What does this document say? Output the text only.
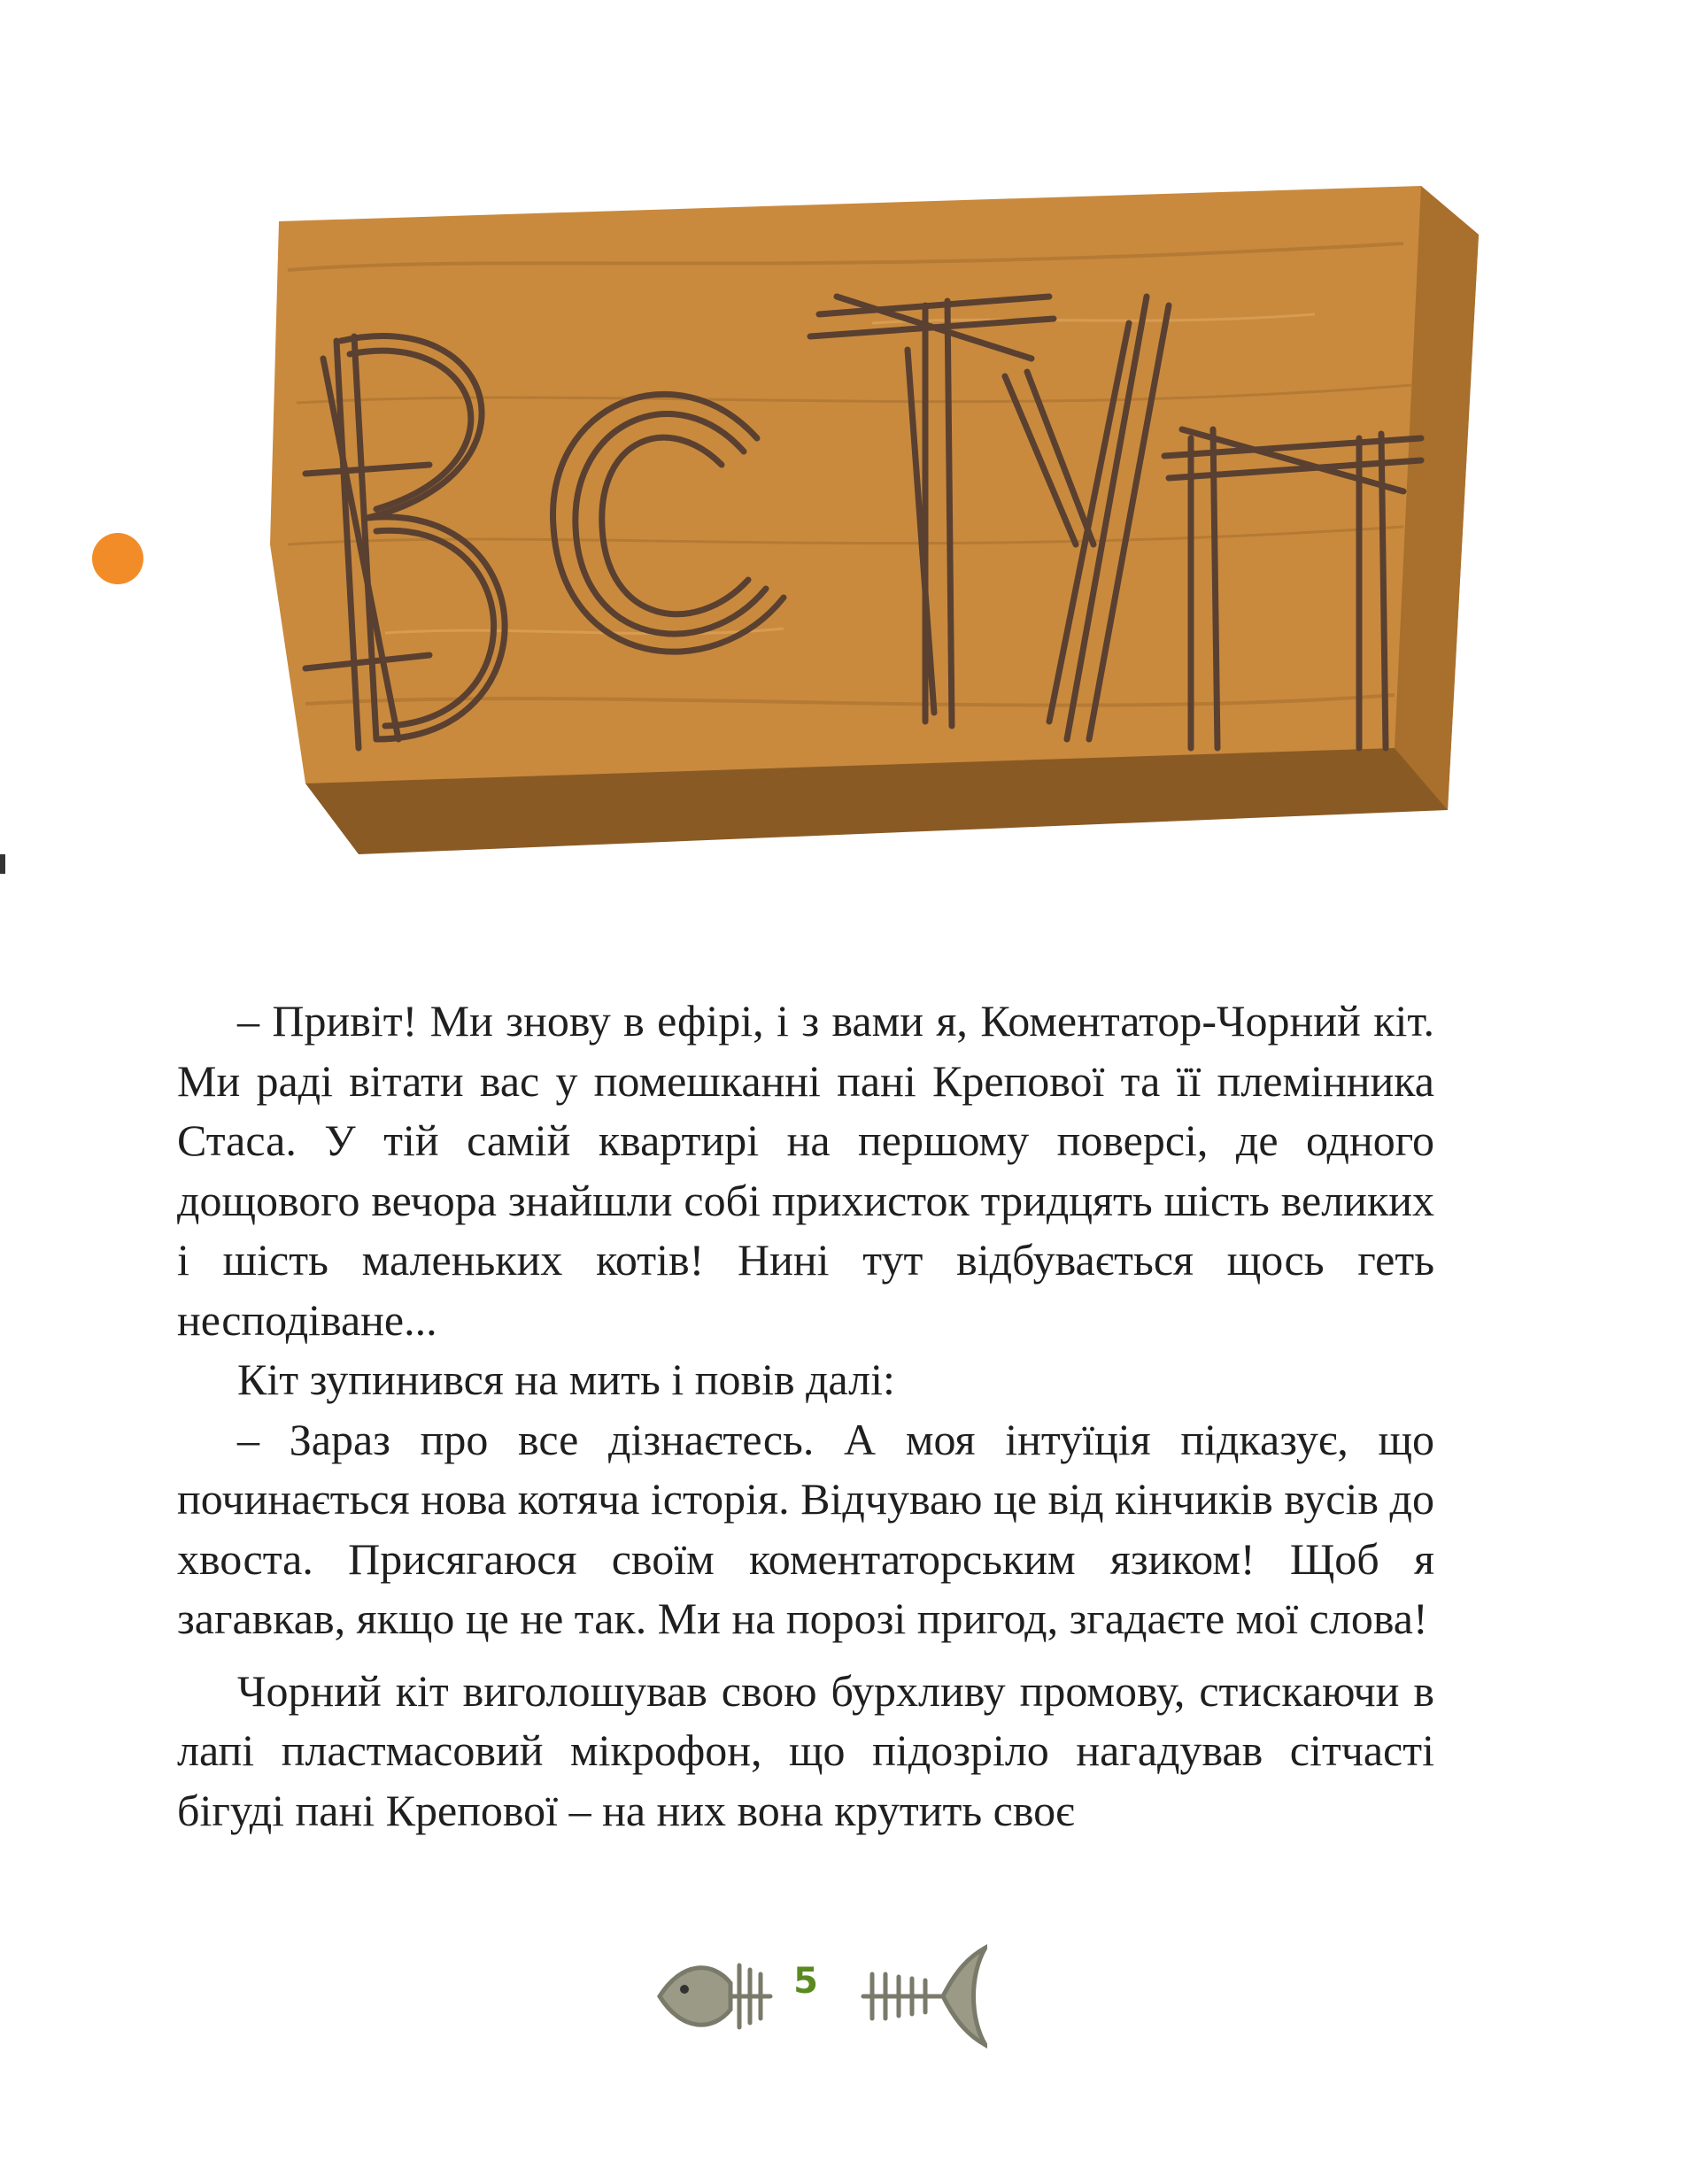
– Привіт! Ми знову в ефірі, і з вами я, Коментатор-Чорний кіт. Ми раді вітати вас у помешканні пані Крепової та її племінника Стаса. У тій самій квартирі на першому поверсі, де одного дощового вечора знайшли собі прихисток тридцять шість великих і шість маленьких котів! Нині тут відбувається щось геть несподіване...

Кіт зупинився на мить і повів далі:

– Зараз про все дізнаєтесь. А моя інтуїція підказує, що починається нова котяча історія. Відчуваю це від кінчиків вусів до хвоста. Присягаюся своїм коментаторським язиком! Щоб я загавкав, якщо це не так. Ми на порозі пригод, згадаєте мої слова!

Чорний кіт виголошував свою бурхливу промову, стискаючи в лапі пластмасовий мікрофон, що підозріло нагадував сітчасті бігуді пані Крепової – на них вона крутить своє

5
